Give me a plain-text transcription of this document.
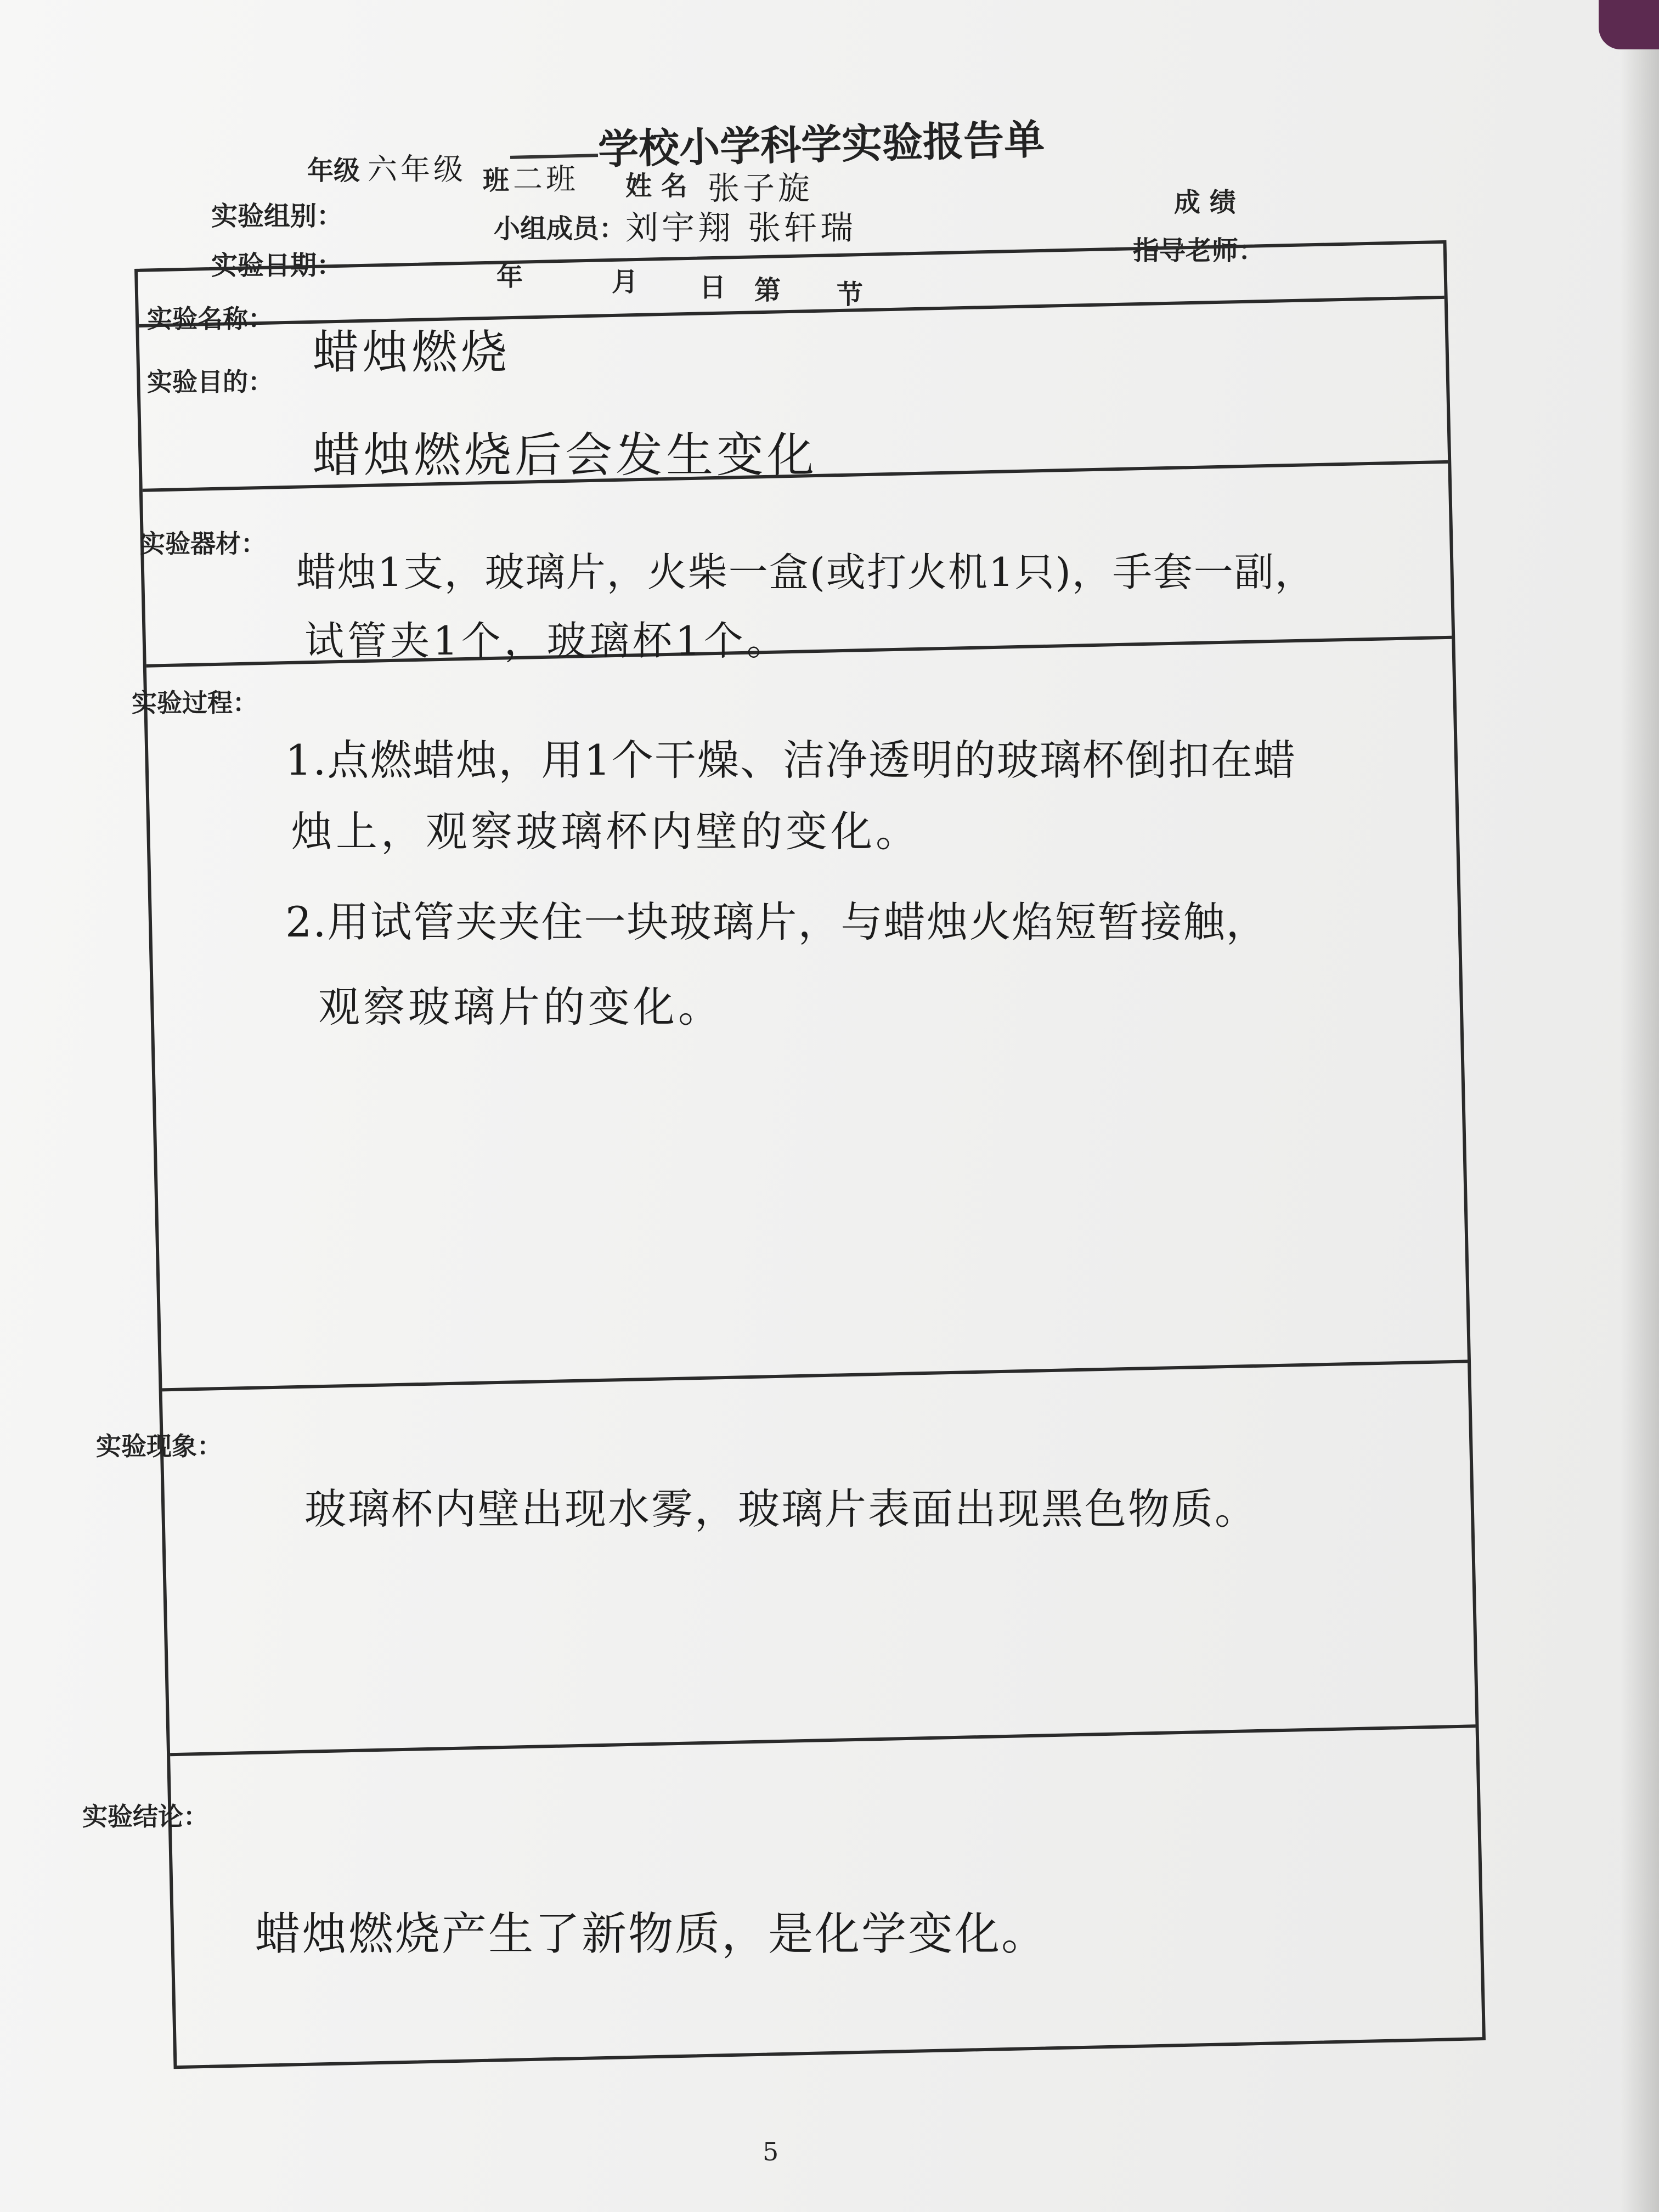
学校小学科学实验报告单
年级 六年级 班 二班 姓 名 张子旋	成 绩
实验组别：	小组成员： 刘宇翔 张轩瑞
指导老师：
实验日期：	年	月 日 第 节
实验名称：
蜡烛燃烧
实验目的：
蜡烛燃烧后会发生变化
实验器材：
蜡烛1支，玻璃片，火柴一盒(或打火机1只)，手套一副，
试管夹1个，玻璃杯1个。
实验过程：
1.点燃蜡烛，用1个干燥、洁净透明的玻璃杯倒扣在蜡
烛上，观察玻璃杯内壁的变化。
2.用试管夹夹住一块玻璃片，与蜡烛火焰短暂接触，
观察玻璃片的变化。
实验现象：
玻璃杯内壁出现水雾，玻璃片表面出现黑色物质。
实验结论：
蜡烛燃烧产生了新物质，是化学变化。
5
